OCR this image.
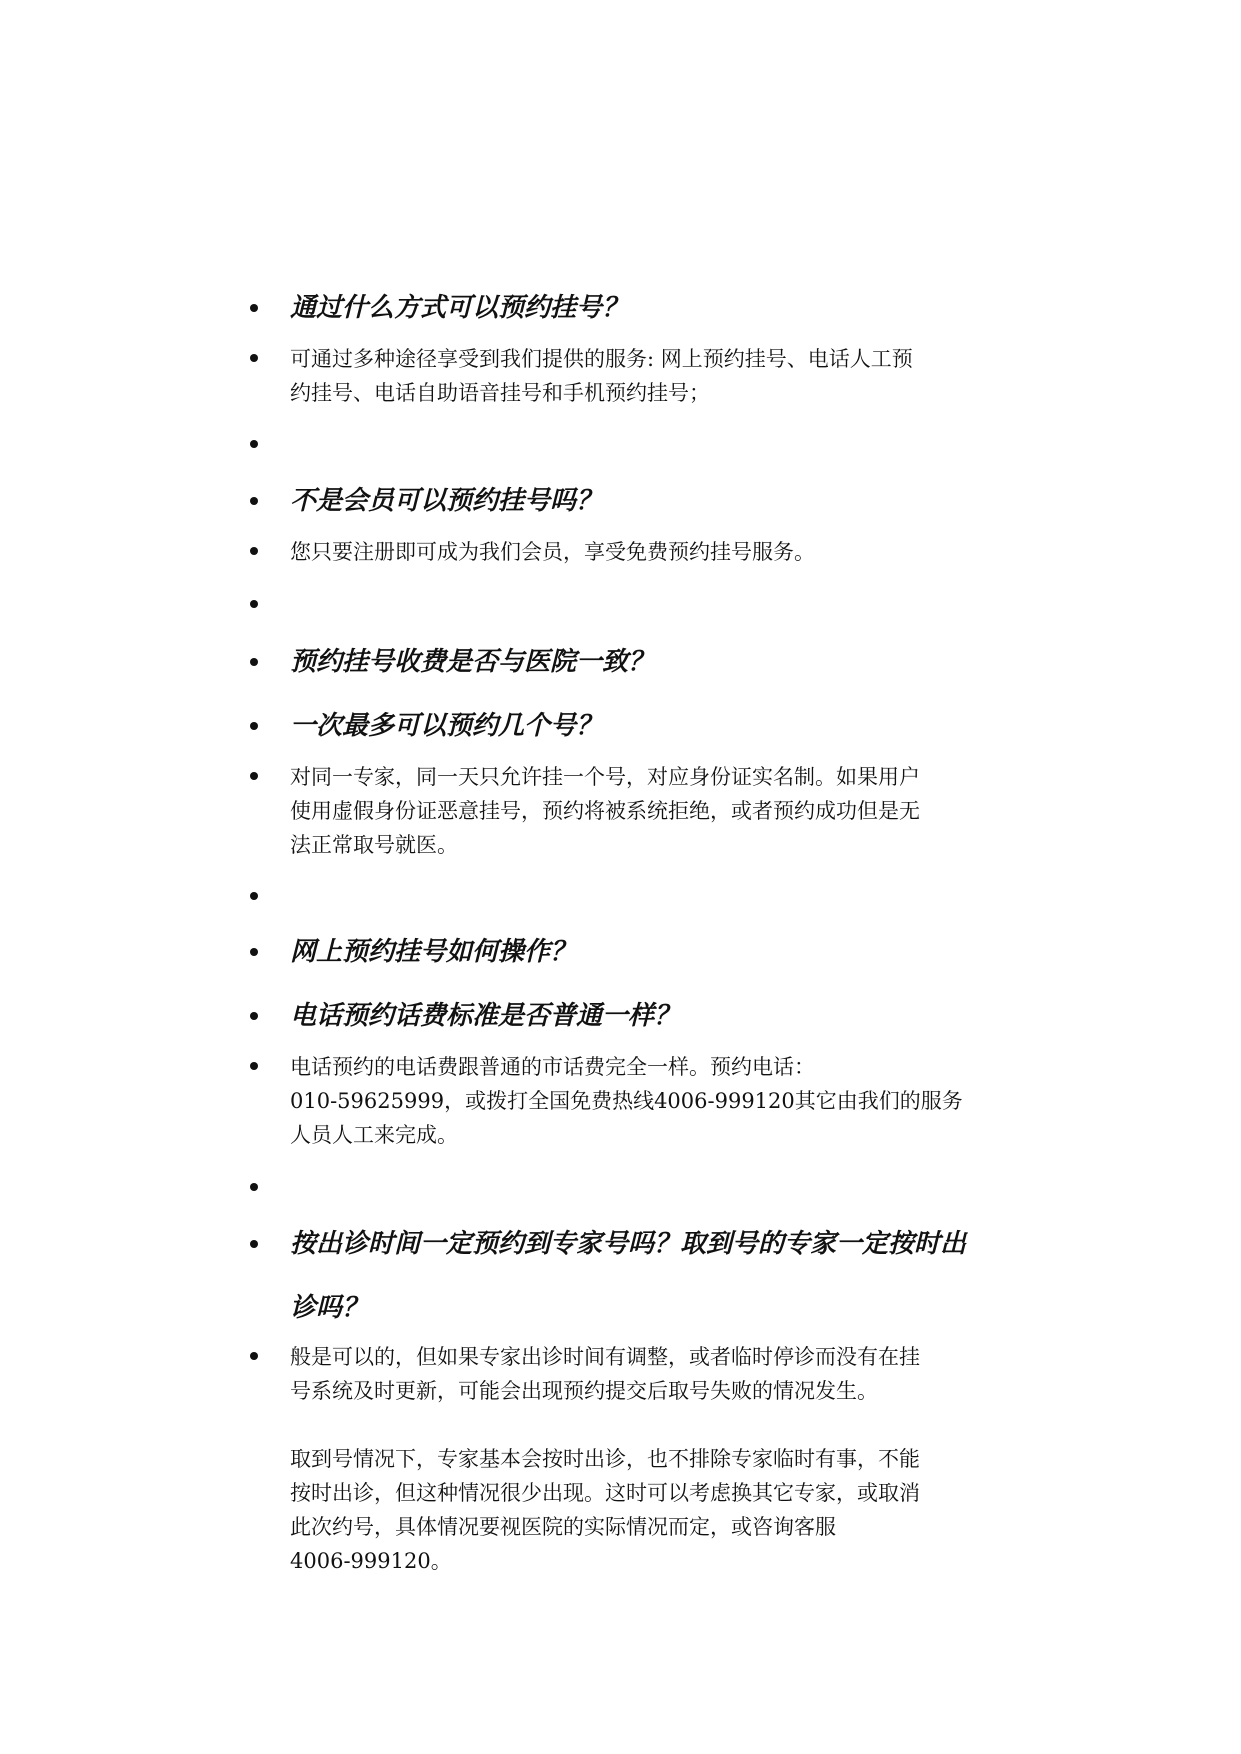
通过什么方式可以预约挂号？
可通过多种途径享受到我们提供的服务: 网上预约挂号、电话人工预
约挂号、电话自助语音挂号和手机预约挂号；
不是会员可以预约挂号吗？
您只要注册即可成为我们会员，享受免费预约挂号服务。
预约挂号收费是否与医院一致？
一次最多可以预约几个号？
对同一专家，同一天只允许挂一个号，对应身份证实名制。如果用户
使用虚假身份证恶意挂号，预约将被系统拒绝，或者预约成功但是无
法正常取号就医。
网上预约挂号如何操作？
电话预约话费标准是否普通一样？
电话预约的电话费跟普通的市话费完全一样。预约电话：
010-59625999，或拨打全国免费热线4006-999120其它由我们的服务
人员人工来完成。
按出诊时间一定预约到专家号吗？取到号的专家一定按时出
诊吗？
般是可以的，但如果专家出诊时间有调整，或者临时停诊而没有在挂
号系统及时更新，可能会出现预约提交后取号失败的情况发生。
取到号情况下，专家基本会按时出诊，也不排除专家临时有事，不能
按时出诊，但这种情况很少出现。这时可以考虑换其它专家，或取消
此次约号，具体情况要视医院的实际情况而定，或咨询客服
4006-999120。
